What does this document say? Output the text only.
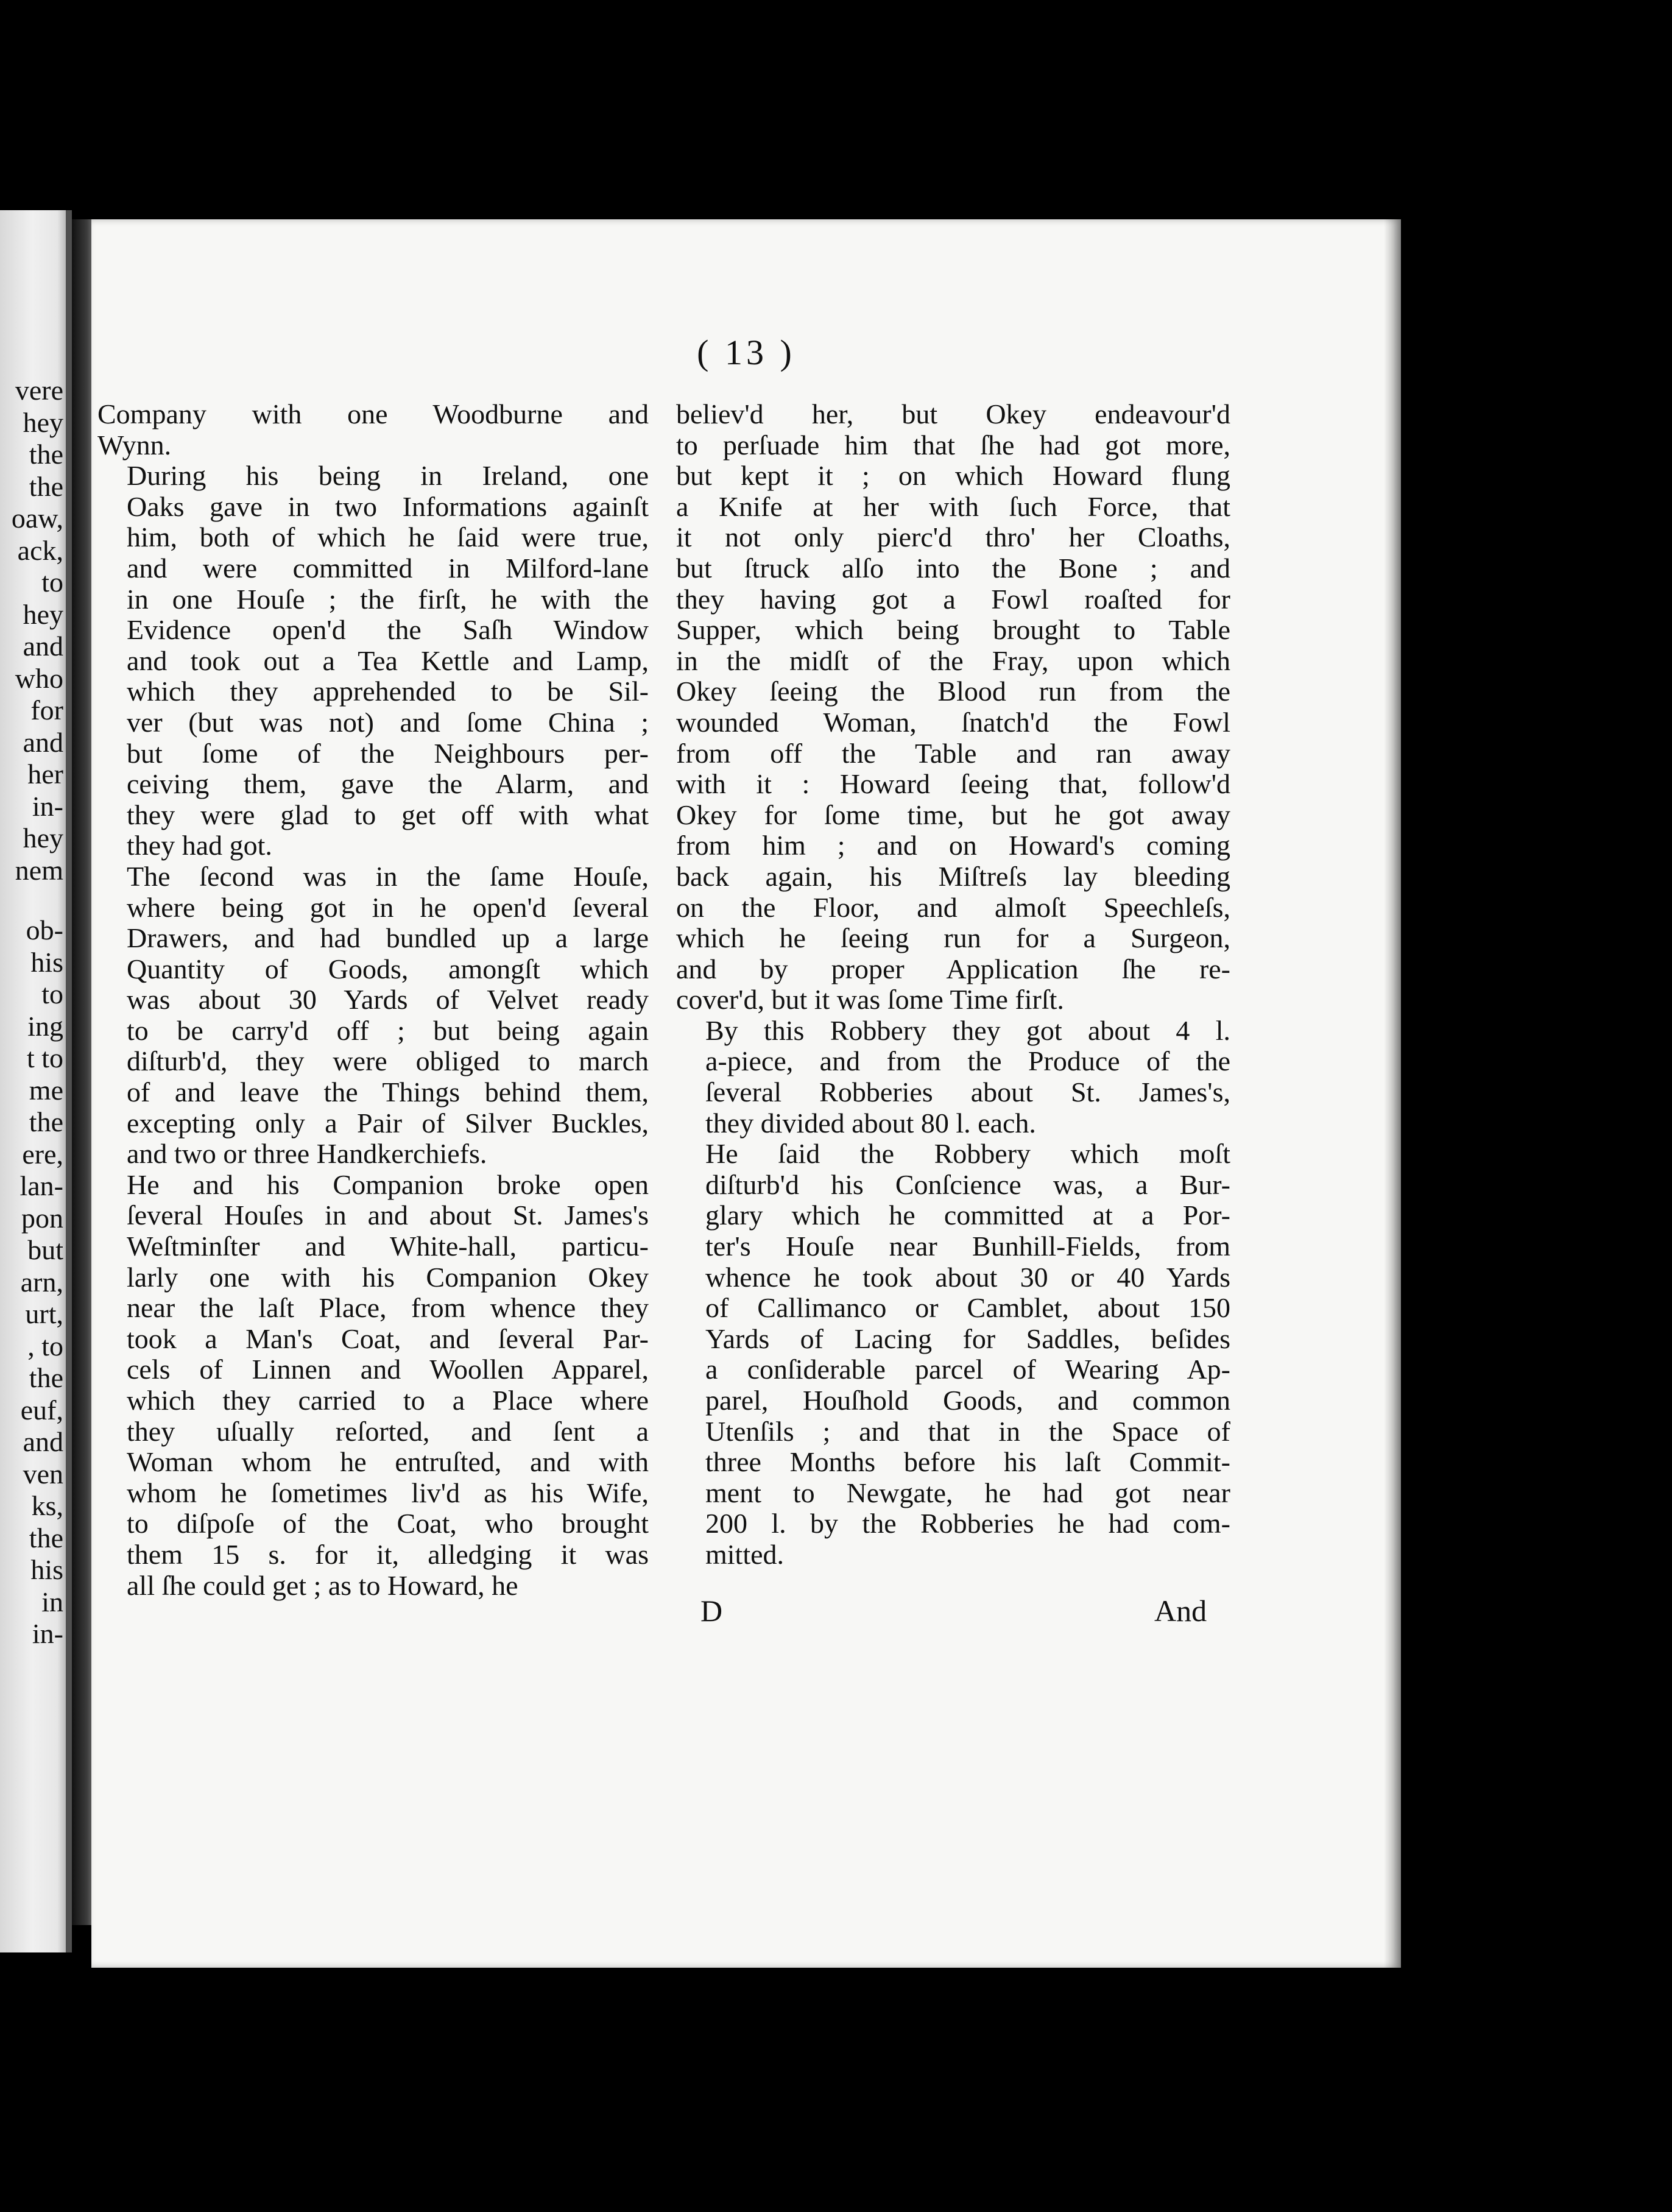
vere
hey
the
the
oaw,
ack,
to
hey
and
who
for
and
her
in-
hey
nem
ob-
his
to
ing
t to
me
the
ere,
lan-
pon
but
arn,
urt,
, to
the
euf,
and
ven
ks,
the
his
in
in-
( 13 )

Company with one Woodburne and
Wynn.

During his being in Ireland, one
Oaks gave in two Informations againſt
him, both of which he ſaid were true,
and were committed in Milford-lane
in one Houſe ; the firſt, he with the
Evidence open'd the Saſh Window
and took out a Tea Kettle and Lamp,
which they apprehended to be Sil-
ver (but was not) and ſome China ;
but ſome of the Neighbours per-
ceiving them, gave the Alarm, and
they were glad to get off with what
they had got.

The ſecond was in the ſame Houſe,
where being got in he open'd ſeveral
Drawers, and had bundled up a large
Quantity of Goods, amongſt which
was about 30 Yards of Velvet ready
to be carry'd off ; but being again
diſturb'd, they were obliged to march
of and leave the Things behind them,
excepting only a Pair of Silver Buckles,
and two or three Handkerchiefs.

He and his Companion broke open
ſeveral Houſes in and about St. James's
Weſtminſter and White-hall, particu-
larly one with his Companion Okey
near the laſt Place, from whence they
took a Man's Coat, and ſeveral Par-
cels of Linnen and Woollen Apparel,
which they carried to a Place where
they uſually reſorted, and ſent a
Woman whom he entruſted, and with
whom he ſometimes liv'd as his Wife,
to diſpoſe of the Coat, who brought
them 15 s. for it, alledging it was
all ſhe could get ; as to Howard, he

believ'd her, but Okey endeavour'd
to perſuade him that ſhe had got more,
but kept it ; on which Howard flung
a Knife at her with ſuch Force, that
it not only pierc'd thro' her Cloaths,
but ſtruck alſo into the Bone ; and
they having got a Fowl roaſted for
Supper, which being brought to Table
in the midſt of the Fray, upon which
Okey ſeeing the Blood run from the
wounded Woman, ſnatch'd the Fowl
from off the Table and ran away
with it : Howard ſeeing that, follow'd
Okey for ſome time, but he got away
from him ; and on Howard's coming
back again, his Miſtreſs lay bleeding
on the Floor, and almoſt Speechleſs,
which he ſeeing run for a Surgeon,
and by proper Application ſhe re-
cover'd, but it was ſome Time firſt.

By this Robbery they got about 4 l.
a-piece, and from the Produce of the
ſeveral Robberies about St. James's,
they divided about 80 l. each.

He ſaid the Robbery which moſt
diſturb'd his Conſcience was, a Bur-
glary which he committed at a Por-
ter's Houſe near Bunhill-Fields, from
whence he took about 30 or 40 Yards
of Callimanco or Camblet, about 150
Yards of Lacing for Saddles, beſides
a conſiderable parcel of Wearing Ap-
parel, Houſhold Goods, and common
Utenſils ; and that in the Space of
three Months before his laſt Commit-
ment to Newgate, he had got near
200 l. by the Robberies he had com-
mitted.

D	And
